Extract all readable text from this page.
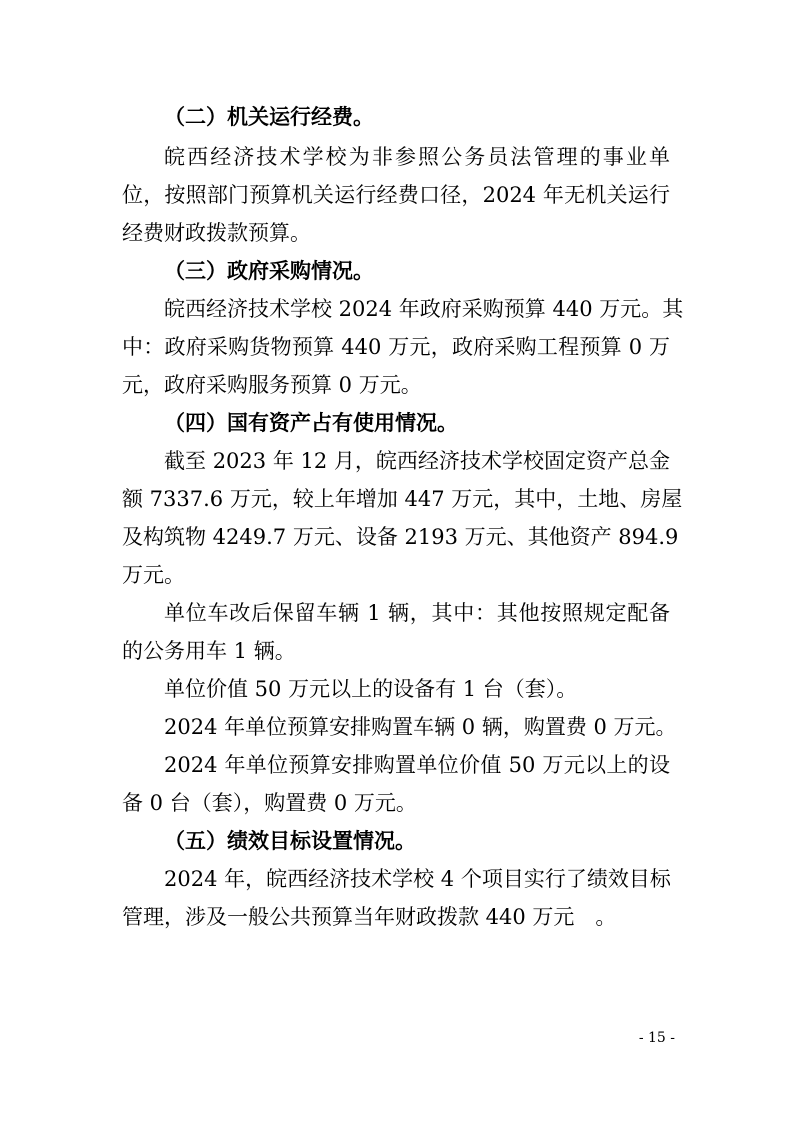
（二）机关运行经费。
皖西经济技术学校为非参照公务员法管理的事业单
位，按照部门预算机关运行经费口径，2024 年无机关运行
经费财政拨款预算。
（三）政府采购情况。
皖西经济技术学校 2024 年政府采购预算 440 万元。其
中：政府采购货物预算 440 万元，政府采购工程预算 0 万
元，政府采购服务预算 0 万元。
（四）国有资产占有使用情况。
截至 2023 年 12 月，皖西经济技术学校固定资产总金
额 7337.6 万元，较上年增加 447 万元，其中，土地、房屋
及构筑物 4249.7 万元、设备 2193 万元、其他资产 894.9
万元。
单位车改后保留车辆 1 辆，其中：其他按照规定配备
的公务用车 1 辆。
单位价值 50 万元以上的设备有 1 台（套）。
2024 年单位预算安排购置车辆 0 辆，购置费 0 万元。
2024 年单位预算安排购置单位价值 50 万元以上的设
备 0 台（套），购置费 0 万元。
（五）绩效目标设置情况。
2024 年，皖西经济技术学校 4 个项目实行了绩效目标
管理，涉及一般公共预算当年财政拨款 440 万元　。
- 15 -
